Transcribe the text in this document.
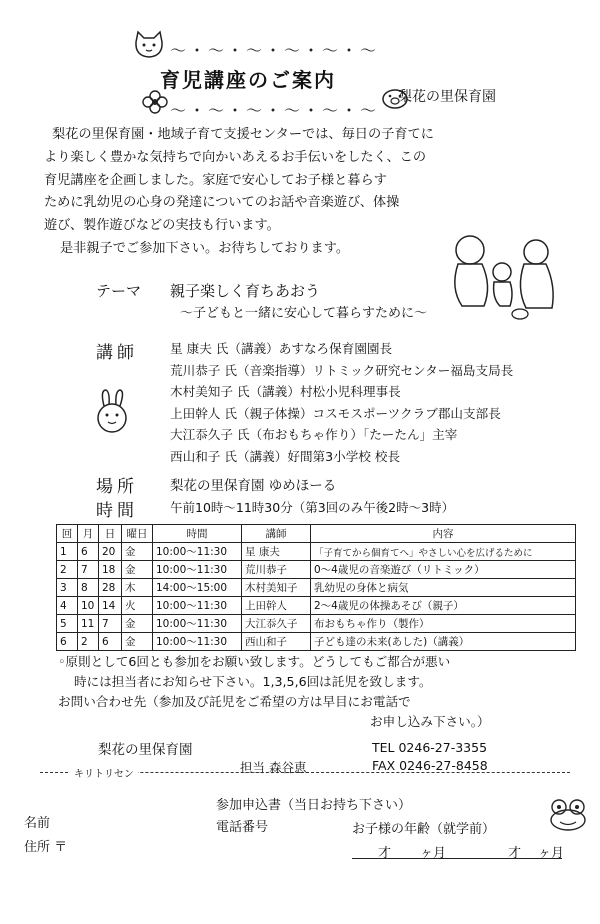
〜・〜・〜・〜・〜・〜
育児講座のご案内
〜・〜・〜・〜・〜・〜
梨花の里保育園

梨花の里保育園・地域子育て支援センターでは、毎日の子育てに

より楽しく豊かな気持ちで向かいあえるお手伝いをしたく、この

育児講座を企画しました。家庭で安心してお子様と暮らす

ために乳幼児の心身の発達についてのお話や音楽遊び、体操

遊び、製作遊びなどの実技も行います。

是非親子でご参加下さい。お待ちしております。

テーマ 親子楽しく育ちあおう
〜子どもと一緒に安心して暮らすために〜
講師	星 康夫 氏（講義）あすなろ保育園園長
荒川恭子 氏（音楽指導）リトミック研究センター福島支局長
木村美知子 氏（講義）村松小児科理事長
上田幹人 氏（親子体操）コスモスポーツクラブ郡山支部長
大江忝久子 氏（布おもちゃ作り）「たーたん」主宰
西山和子 氏（講義）好間第3小学校 校長
場所 梨花の里保育園 ゆめほーる
時間	午前10時〜11時30分（第3回のみ午後2時〜3時）
回	月	日	曜日	時間	講師	内容
1	6	20	金	10:00〜11:30	星 康夫	「子育てから個育てへ」やさしい心を広げるために
2	7	18	金	10:00〜11:30	荒川恭子	0〜4歳児の音楽遊び（リトミック）
3	8	28	木	14:00〜15:00	木村美知子	乳幼児の身体と病気
4	10	14	火	10:00〜11:30	上田幹人	2〜4歳児の体操あそび（親子）
5	11	7	金	10:00〜11:30	大江忝久子	布おもちゃ作り（製作）
6	2	6	金	10:00〜11:30	西山和子	子ども達の未来(あした)（講義）

◦原則として6回とも参加をお願い致します。どうしてもご都合が悪い

時には担当者にお知らせ下さい。1,3,5,6回は託児を致します。

お問い合わせ先（参加及び託児をご希望の方は早目にお電話で

お申し込み下さい。）

梨花の里保育園	TEL 0246-27-3355
担当 森谷恵	FAX 0246-27-8458
キリトリセン
参加申込書（当日お持ち下さい）
名前	電話番号	お子様の年齢（就学前）
住所 〒	才 ヶ月	才 ヶ月
